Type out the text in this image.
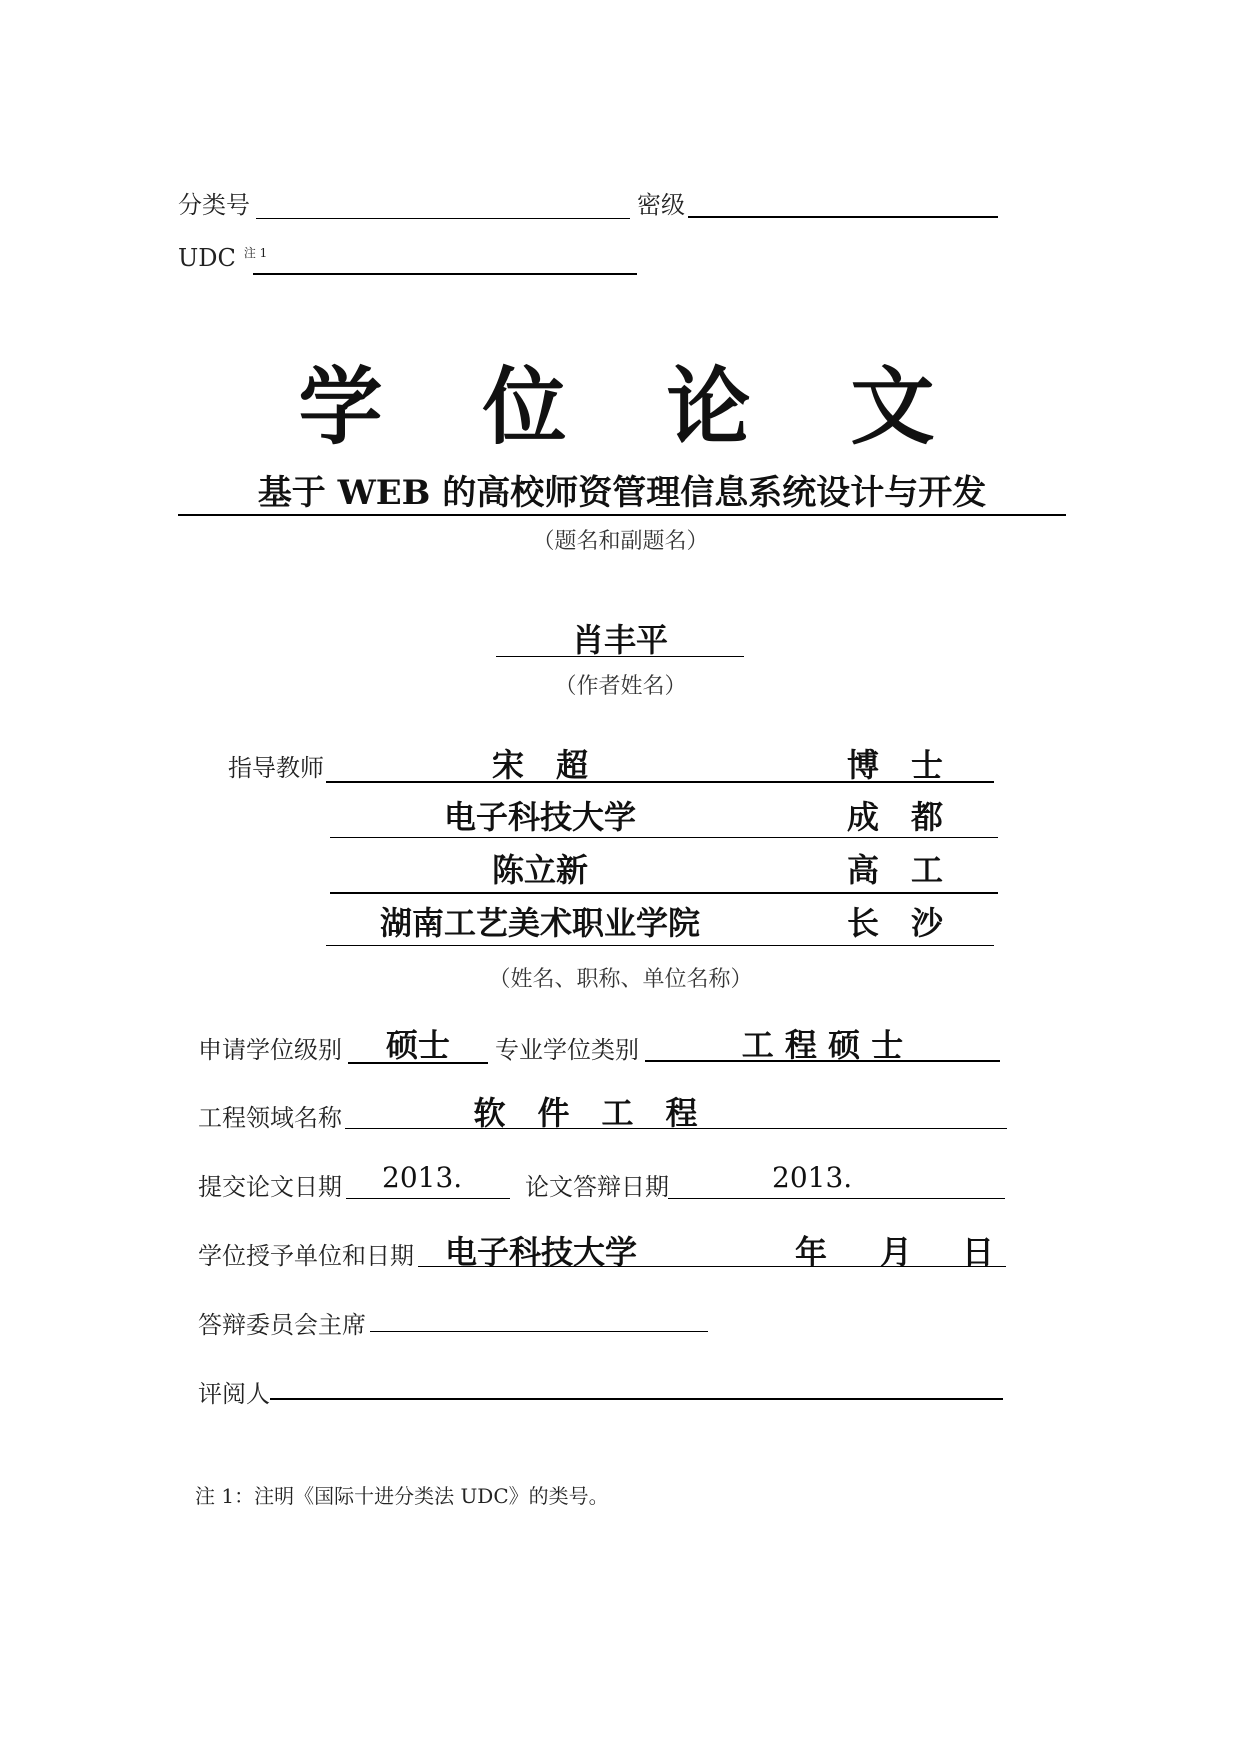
分类号	密级
UDC $^{注 1}$
学　位　论　文
基于 WEB 的高校师资管理信息系统设计与开发
（题名和副题名）
肖丰平
（作者姓名）
指导教师	宋　超	博　士
电子科技大学	成　都
陈立新	高　工
湖南工艺美术职业学院	长　沙
（姓名、职称、单位名称）
申请学位级别	硕士	专业学位类别	工 程 硕 士
工程领域名称	软　件　工　程
提交论文日期 2013.	论文答辩日期	2013.
学位授予单位和日期 电子科技大学	年 月 日
答辩委员会主席
评阅人
注 1：注明《国际十进分类法 UDC》的类号。
